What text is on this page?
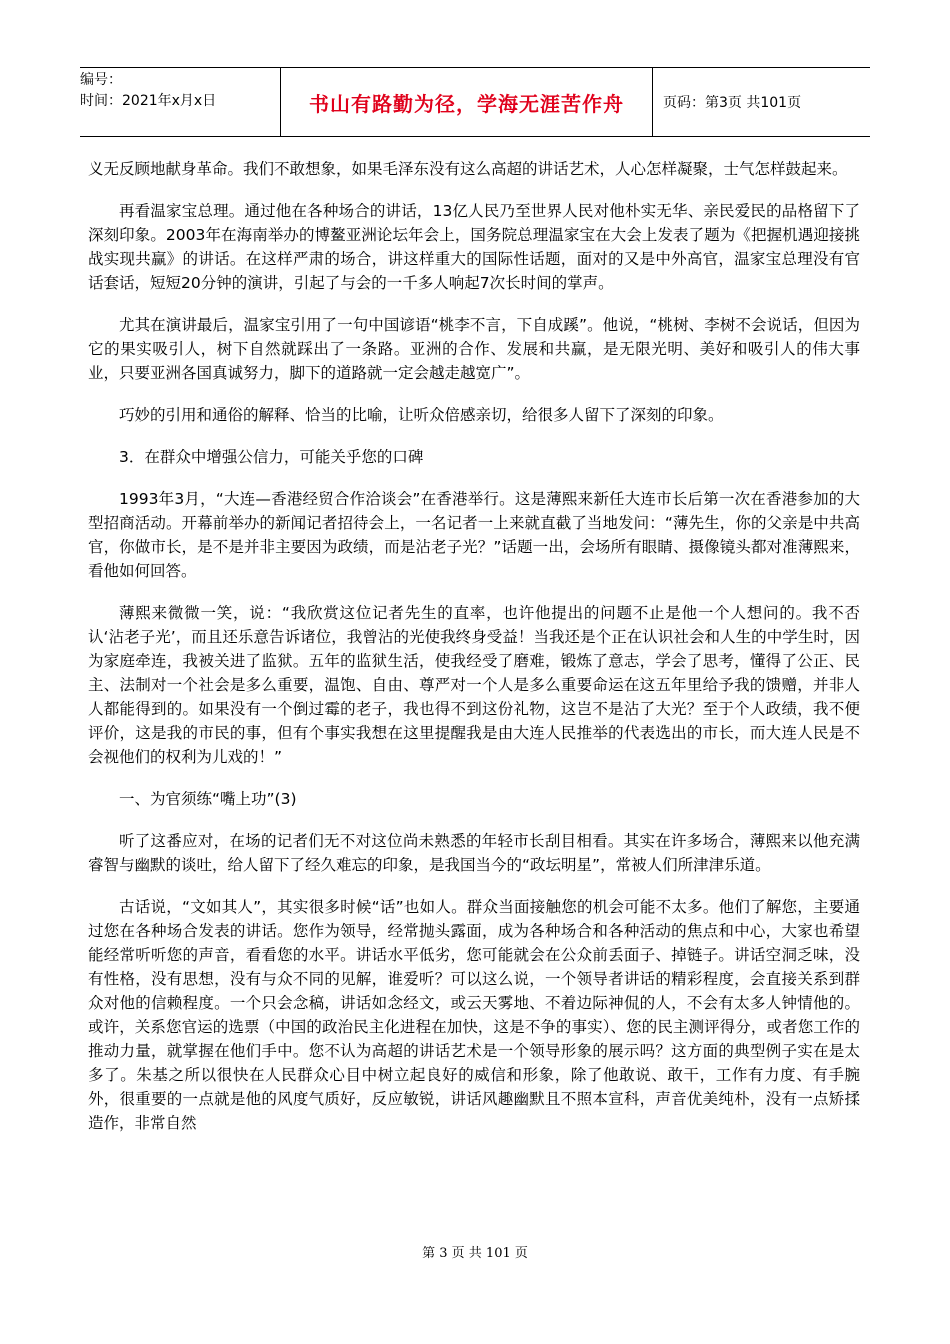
编号：
时间：2021年x月x日	书山有路勤为径，学海无涯苦作舟	页码：第3页 共101页

义无反顾地献身革命。我们不敢想象，如果毛泽东没有这么高超的讲话艺术，人心怎样凝聚，士气怎样鼓起来。

再看温家宝总理。通过他在各种场合的讲话，13亿人民乃至世界人民对他朴实无华、亲民爱民的品格留下了深刻印象。2003年在海南举办的博鳌亚洲论坛年会上，国务院总理温家宝在大会上发表了题为《把握机遇迎接挑战实现共赢》的讲话。在这样严肃的场合，讲这样重大的国际性话题，面对的又是中外高官，温家宝总理没有官话套话，短短20分钟的演讲，引起了与会的一千多人响起7次长时间的掌声。

尤其在演讲最后，温家宝引用了一句中国谚语“桃李不言，下自成蹊”。他说，“桃树、李树不会说话，但因为它的果实吸引人，树下自然就踩出了一条路。亚洲的合作、发展和共赢，是无限光明、美好和吸引人的伟大事业，只要亚洲各国真诚努力，脚下的道路就一定会越走越宽广”。

巧妙的引用和通俗的解释、恰当的比喻，让听众倍感亲切，给很多人留下了深刻的印象。

3．在群众中增强公信力，可能关乎您的口碑

1993年3月，“大连—香港经贸合作洽谈会”在香港举行。这是薄熙来新任大连市长后第一次在香港参加的大型招商活动。开幕前举办的新闻记者招待会上，一名记者一上来就直截了当地发问：“薄先生，你的父亲是中共高官，你做市长，是不是并非主要因为政绩，而是沾老子光？”话题一出，会场所有眼睛、摄像镜头都对准薄熙来，看他如何回答。

薄熙来微微一笑，说：“我欣赏这位记者先生的直率，也许他提出的问题不止是他一个人想问的。我不否认‘沾老子光’，而且还乐意告诉诸位，我曾沾的光使我终身受益！当我还是个正在认识社会和人生的中学生时，因为家庭牵连，我被关进了监狱。五年的监狱生活，使我经受了磨难，锻炼了意志，学会了思考，懂得了公正、民主、法制对一个社会是多么重要，温饱、自由、尊严对一个人是多么重要命运在这五年里给予我的馈赠，并非人人都能得到的。如果没有一个倒过霉的老子，我也得不到这份礼物，这岂不是沾了大光？至于个人政绩，我不便评价，这是我的市民的事，但有个事实我想在这里提醒我是由大连人民推举的代表选出的市长，而大连人民是不会视他们的权利为儿戏的！”

一、为官须练“嘴上功”(3)

听了这番应对，在场的记者们无不对这位尚未熟悉的年轻市长刮目相看。其实在许多场合，薄熙来以他充满睿智与幽默的谈吐，给人留下了经久难忘的印象，是我国当今的“政坛明星”，常被人们所津津乐道。

古话说，“文如其人”，其实很多时候“话”也如人。群众当面接触您的机会可能不太多。他们了解您，主要通过您在各种场合发表的讲话。您作为领导，经常抛头露面，成为各种场合和各种活动的焦点和中心，大家也希望能经常听听您的声音，看看您的水平。讲话水平低劣，您可能就会在公众前丢面子、掉链子。讲话空洞乏味，没有性格，没有思想，没有与众不同的见解，谁爱听？可以这么说，一个领导者讲话的精彩程度，会直接关系到群众对他的信赖程度。一个只会念稿，讲话如念经文，或云天雾地、不着边际神侃的人，不会有太多人钟情他的。或许，关系您官运的选票（中国的政治民主化进程在加快，这是不争的事实）、您的民主测评得分，或者您工作的推动力量，就掌握在他们手中。您不认为高超的讲话艺术是一个领导形象的展示吗？这方面的典型例子实在是太多了。朱基之所以很快在人民群众心目中树立起良好的威信和形象，除了他敢说、敢干，工作有力度、有手腕外，很重要的一点就是他的风度气质好，反应敏锐，讲话风趣幽默且不照本宣科，声音优美纯朴，没有一点矫揉造作，非常自然

第 3 页 共 101 页
